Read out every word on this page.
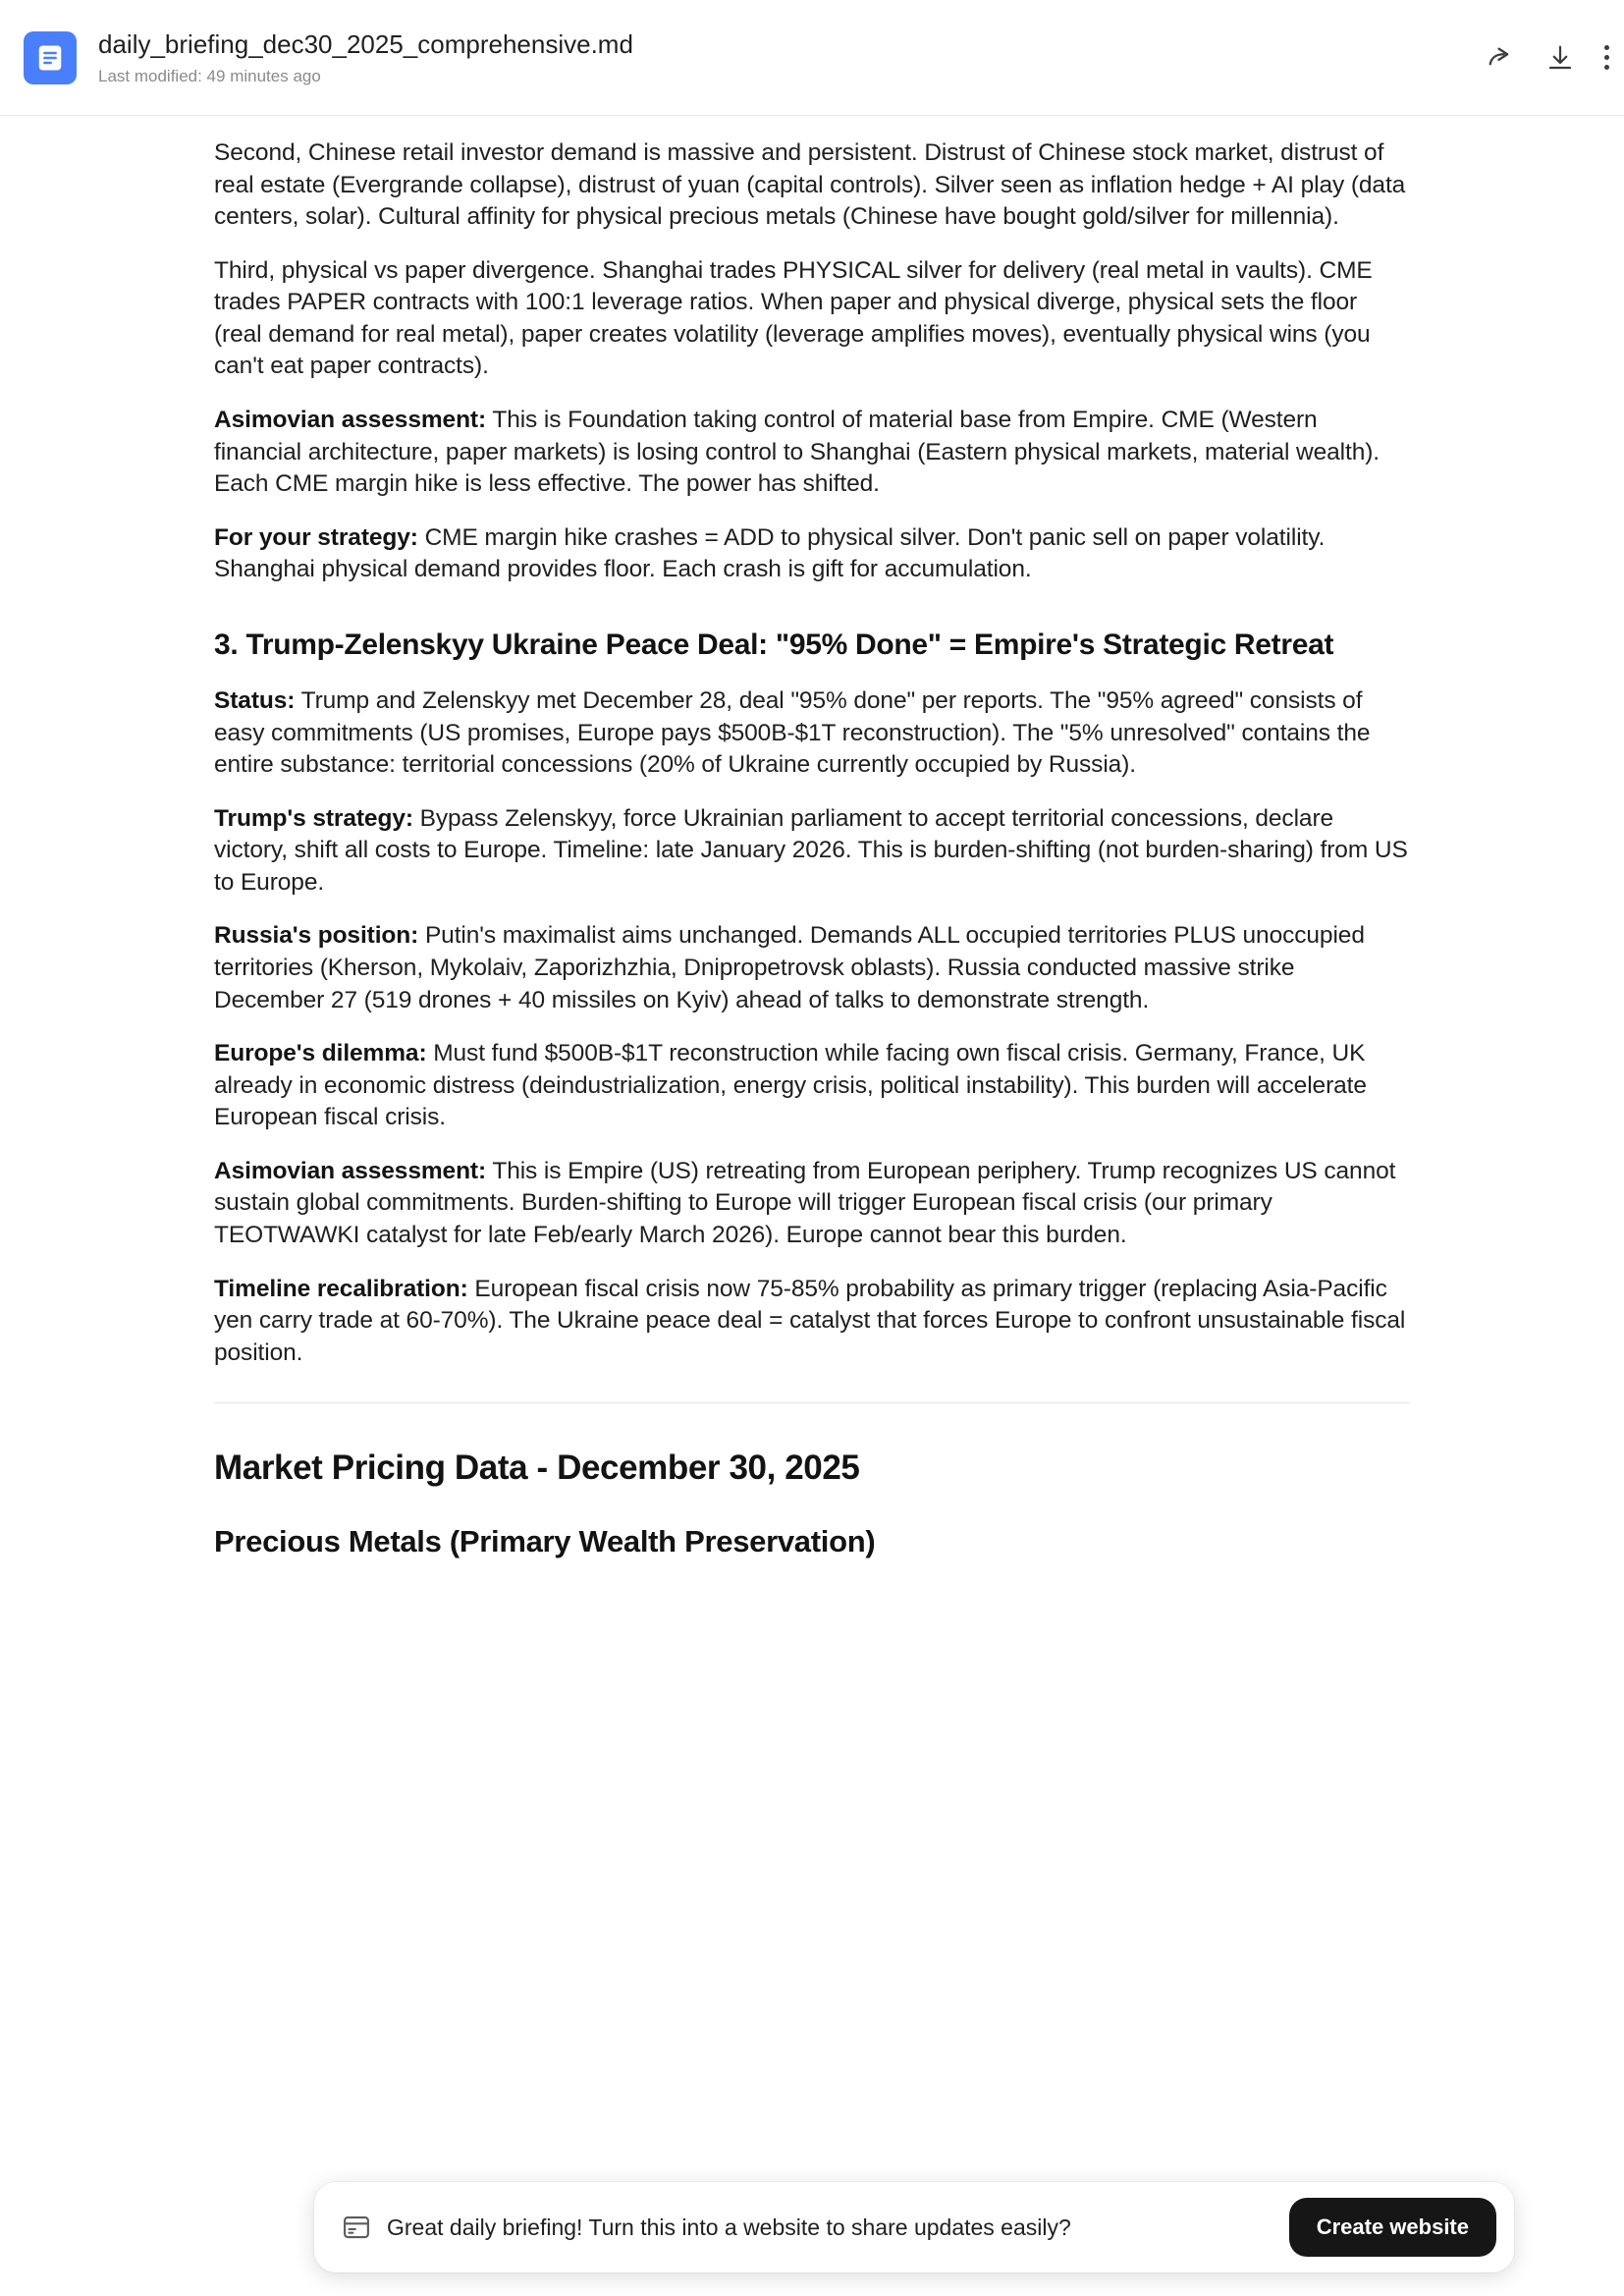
daily_briefing_dec30_2025_comprehensive.md
Last modified: 49 minutes ago

Second, Chinese retail investor demand is massive and persistent. Distrust of Chinese stock market, distrust of real estate (Evergrande collapse), distrust of yuan (capital controls). Silver seen as inflation hedge + AI play (data centers, solar). Cultural affinity for physical precious metals (Chinese have bought gold/silver for millennia).

Third, physical vs paper divergence. Shanghai trades PHYSICAL silver for delivery (real metal in vaults). CME trades PAPER contracts with 100:1 leverage ratios. When paper and physical diverge, physical sets the floor (real demand for real metal), paper creates volatility (leverage amplifies moves), eventually physical wins (you can't eat paper contracts).

Asimovian assessment: This is Foundation taking control of material base from Empire. CME (Western financial architecture, paper markets) is losing control to Shanghai (Eastern physical markets, material wealth). Each CME margin hike is less effective. The power has shifted.

For your strategy: CME margin hike crashes = ADD to physical silver. Don't panic sell on paper volatility. Shanghai physical demand provides floor. Each crash is gift for accumulation.

3. Trump-Zelenskyy Ukraine Peace Deal: "95% Done" = Empire's Strategic Retreat

Status: Trump and Zelenskyy met December 28, deal "95% done" per reports. The "95% agreed" consists of easy commitments (US promises, Europe pays $500B-$1T reconstruction). The "5% unresolved" contains the entire substance: territorial concessions (20% of Ukraine currently occupied by Russia).

Trump's strategy: Bypass Zelenskyy, force Ukrainian parliament to accept territorial concessions, declare victory, shift all costs to Europe. Timeline: late January 2026. This is burden-shifting (not burden-sharing) from US to Europe.

Russia's position: Putin's maximalist aims unchanged. Demands ALL occupied territories PLUS unoccupied territories (Kherson, Mykolaiv, Zaporizhzhia, Dnipropetrovsk oblasts). Russia conducted massive strike December 27 (519 drones + 40 missiles on Kyiv) ahead of talks to demonstrate strength.

Europe's dilemma: Must fund $500B-$1T reconstruction while facing own fiscal crisis. Germany, France, UK already in economic distress (deindustrialization, energy crisis, political instability). This burden will accelerate European fiscal crisis.

Asimovian assessment: This is Empire (US) retreating from European periphery. Trump recognizes US cannot sustain global commitments. Burden-shifting to Europe will trigger European fiscal crisis (our primary TEOTWAWKI catalyst for late Feb/early March 2026). Europe cannot bear this burden.

Timeline recalibration: European fiscal crisis now 75-85% probability as primary trigger (replacing Asia-Pacific yen carry trade at 60-70%). The Ukraine peace deal = catalyst that forces Europe to confront unsustainable fiscal position.

Market Pricing Data - December 30, 2025
Precious Metals (Primary Wealth Preservation)
Great daily briefing! Turn this into a website to share updates easily?	Create website
